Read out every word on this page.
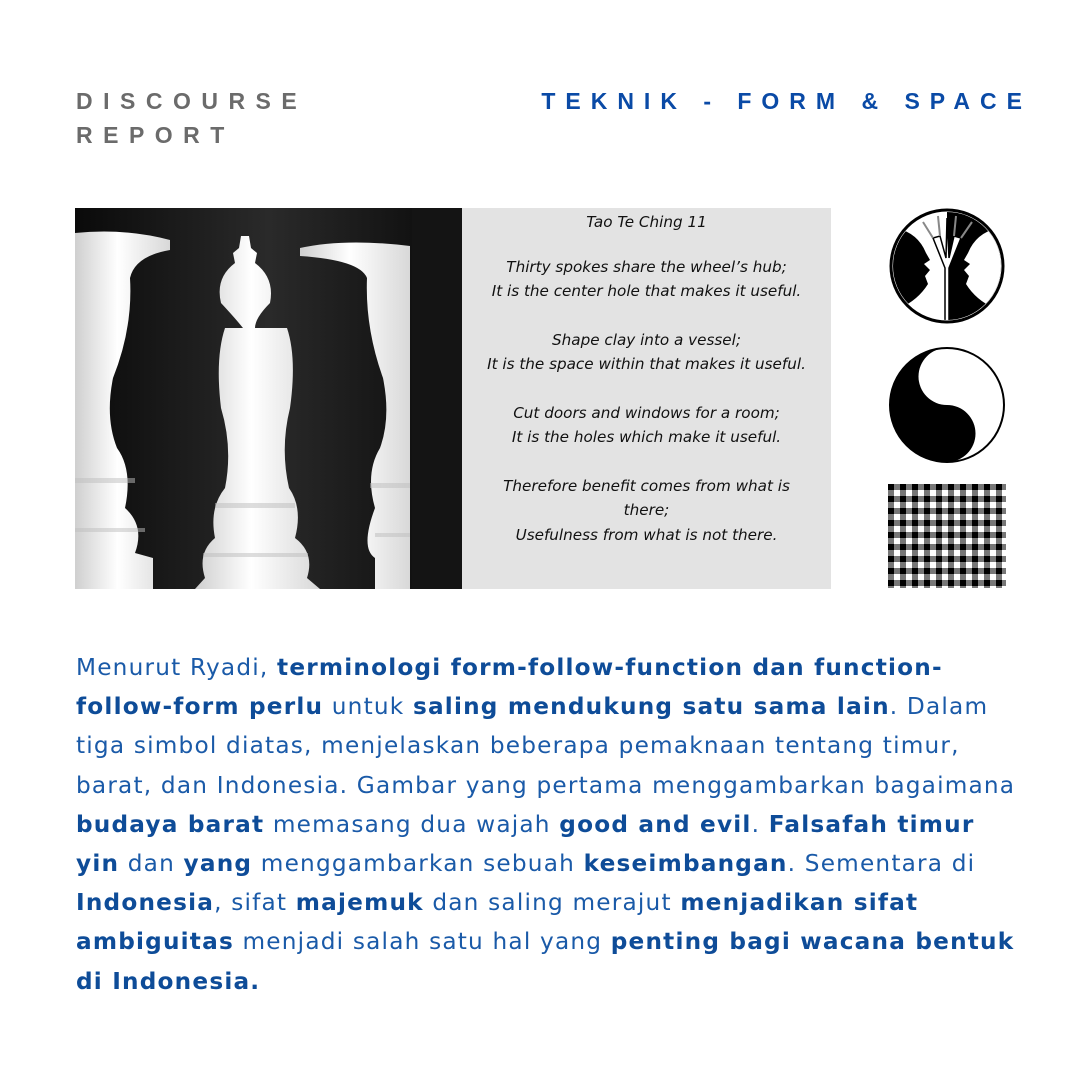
DISCOURSE
REPORT
TEKNIK - FORM & SPACE
Tao Te Ching 11
Thirty spokes share the wheel’s hub;
It is the center hole that makes it useful.
Shape clay into a vessel;
It is the space within that makes it useful.
Cut doors and windows for a room;
It is the holes which make it useful.
Therefore benefit comes from what is
there;
Usefulness from what is not there.
Menurut Ryadi, terminologi form-follow-function dan function-follow-form perlu untuk saling mendukung satu sama lain. Dalam tiga simbol diatas, menjelaskan beberapa pemaknaan tentang timur, barat, dan Indonesia. Gambar yang pertama menggambarkan bagaimana budaya barat memasang dua wajah good and evil. Falsafah timur yin dan yang menggambarkan sebuah keseimbangan. Sementara di Indonesia, sifat majemuk dan saling merajut menjadikan sifat ambiguitas menjadi salah satu hal yang penting bagi wacana bentuk di Indonesia.
